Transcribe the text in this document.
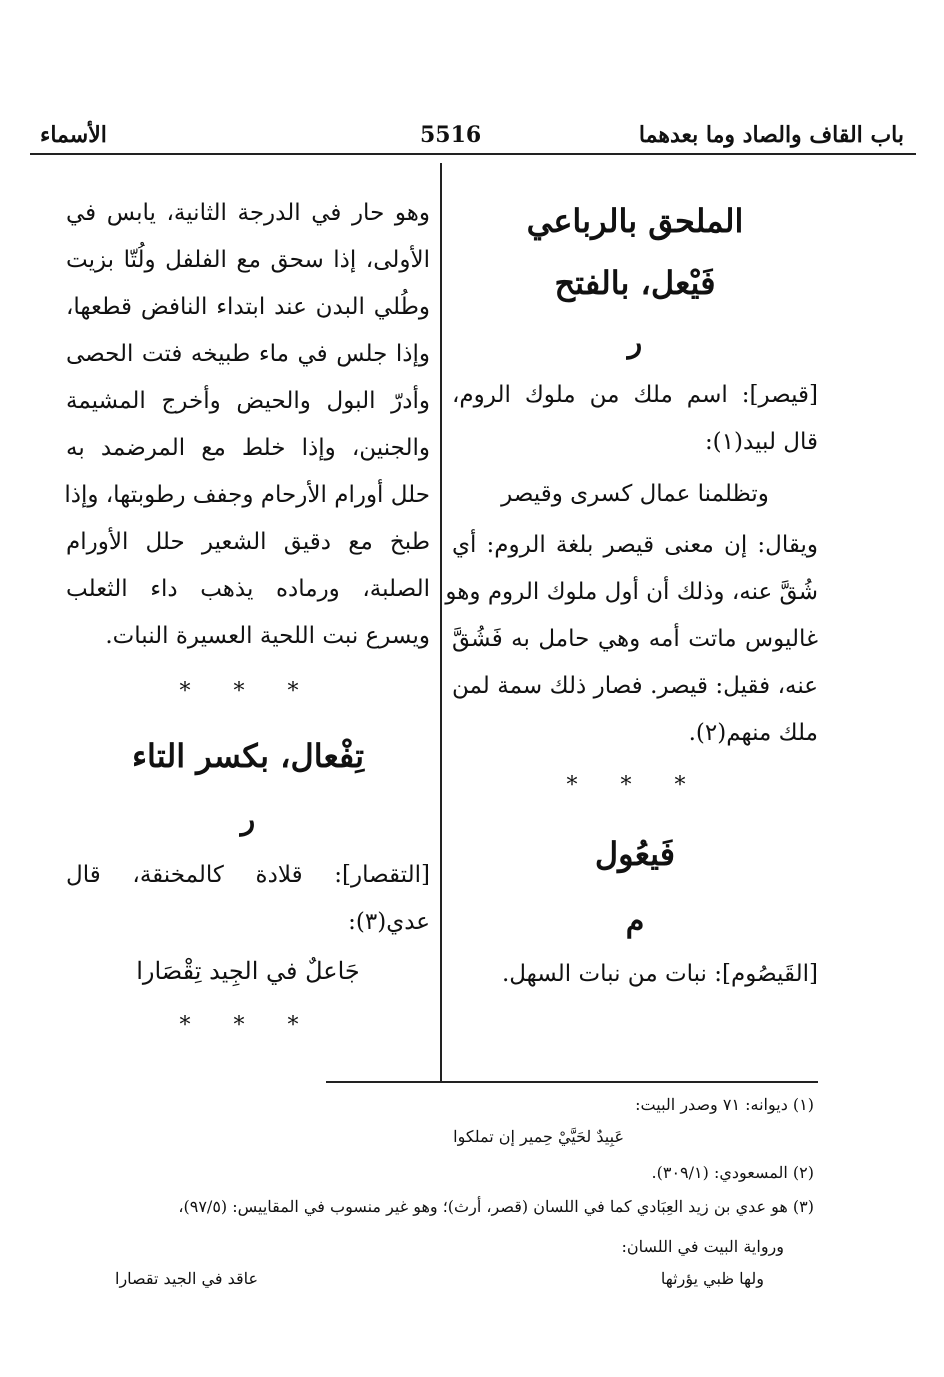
باب القاف والصاد وما بعدهما
5516
الأسماء
الملحق بالرباعي
فَيْعل، بالفتح
ر
[قيصر]: اسم ملك من ملوك الروم،
قال لبيد(١):
وتظلمنا عمال كسرى وقيصر
ويقال: إن معنى قيصر بلغة الروم: أي
شُقَّ عنه، وذلك أن أول ملوك الروم وهو
غاليوس ماتت أمه وهي حامل به فَشُقَّ
عنه، فقيل: قيصر. فصار ذلك سمة لمن
ملك منهم(٢).
* * *
فَيعُول
م
[القَيصُوم]: نبات من نبات السهل.
وهو حار في الدرجة الثانية، يابس في
الأولى، إذا سحق مع الفلفل ولُتّا بزيت
وطُلي البدن عند ابتداء النافض قطعها،
وإذا جلس في ماء طبيخه فتت الحصى
وأدرّ البول والحيض وأخرج المشيمة
والجنين، وإذا خلط مع المرضمد به
حلل أورام الأرحام وجفف رطوبتها، وإذا
طبخ مع دقيق الشعير حلل الأورام
الصلبة، ورماده يذهب داء الثعلب
ويسرع نبت اللحية العسيرة النبات.
* * *
تِفْعال، بكسر التاء
ر
[التقصار]: قلادة كالمخنقة، قال
عدي(٣):
جَاعلٌ في الجِيد تِقْصَارا
* * *
(١) ديوانه: ٧١ وصدر البيت:
عَبِيدٌ لحَيَّيْ حِمير إن تملكوا
(٢) المسعودي: (٣٠٩/١).
(٣) هو عدي بن زيد العِبَادي كما في اللسان (قصر، أرث)؛ وهو غير منسوب في المقاييس: (٩٧/٥)،
ورواية البيت في اللسان:
ولها ظبي يؤرثها
عاقد في الجيد تقصارا
